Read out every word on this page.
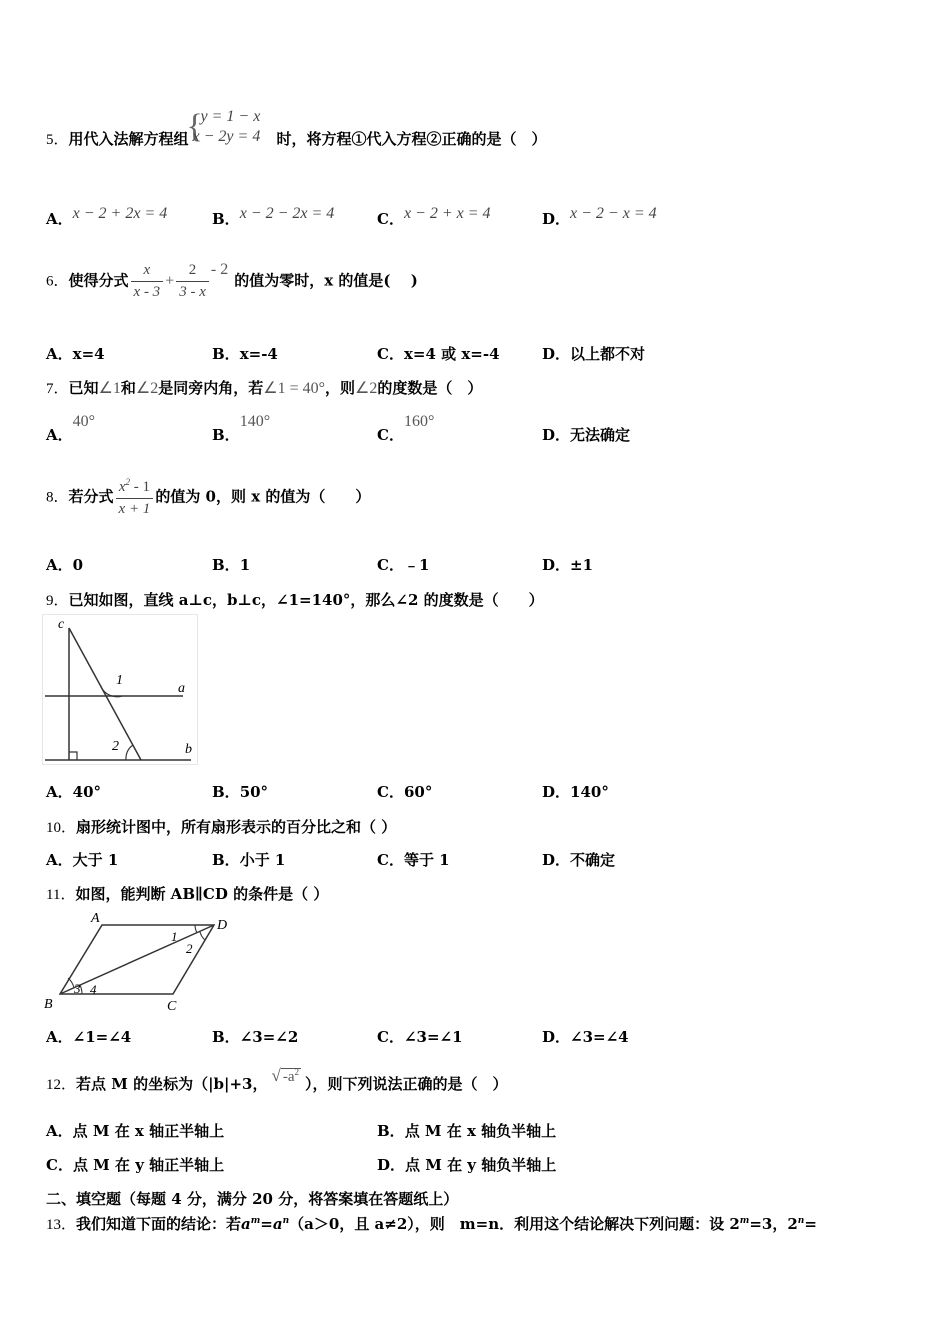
5．用代入法解方程组
{
y = 1 − x
x − 2y = 4 时，将方程①代入方程②正确的是（　）
A．x − 2 + 2x = 4	B．x − 2 − 2x = 4	C．x − 2 + x = 4	D．x − 2 − x = 4
6．使得分式 $\frac{x}{x - 3} + \frac{2}{3 - x} - 2$的值为零时，x 的值是(　 )
A．x=4	B．x=-4	C．x=4 或 x=-4	D．以上都不对
7．已知∠1和∠2是同旁内角，若∠1 = 40°，则∠2的度数是（　）
A．40°
B．140°
C．160°
D．无法确定
8．若分式 $\frac{x^2 - 1}{x + 1}$ 的值为 0，则 x 的值为（　　）
A．0	B．1	C．﹣1	D．±1
9．已知如图，直线 a⊥c，b⊥c，∠1=140°，那么∠2 的度数是（　　）
c
1
a
2	b
A．40°	B．50°	C．60°	D．140°
10．扇形统计图中，所有扇形表示的百分比之和（ ）
A．大于 1	B．小于 1	C．等于 1	D．不确定
11．如图，能判断 AB∥CD 的条件是（ ）
A	D
1
2
3 4
B	C
A．∠1=∠4	B．∠3=∠2	C．∠3=∠1	D．∠3=∠4
12．若点 M 的坐标为（|b|+3， √ $-a^2$），则下列说法正确的是（　）
A．点 M 在 x 轴正半轴上	B．点 M 在 x 轴负半轴上
C．点 M 在 y 轴正半轴上	D．点 M 在 y 轴负半轴上
二、填空题（每题 4 分，满分 20 分，将答案填在答题纸上）
13．我们知道下面的结论：若$a^m=a^n(a>0$，且 a≠2），则  m=n．利用这个结论解决下列问题：设 $2^m=3$，$2^n=$
